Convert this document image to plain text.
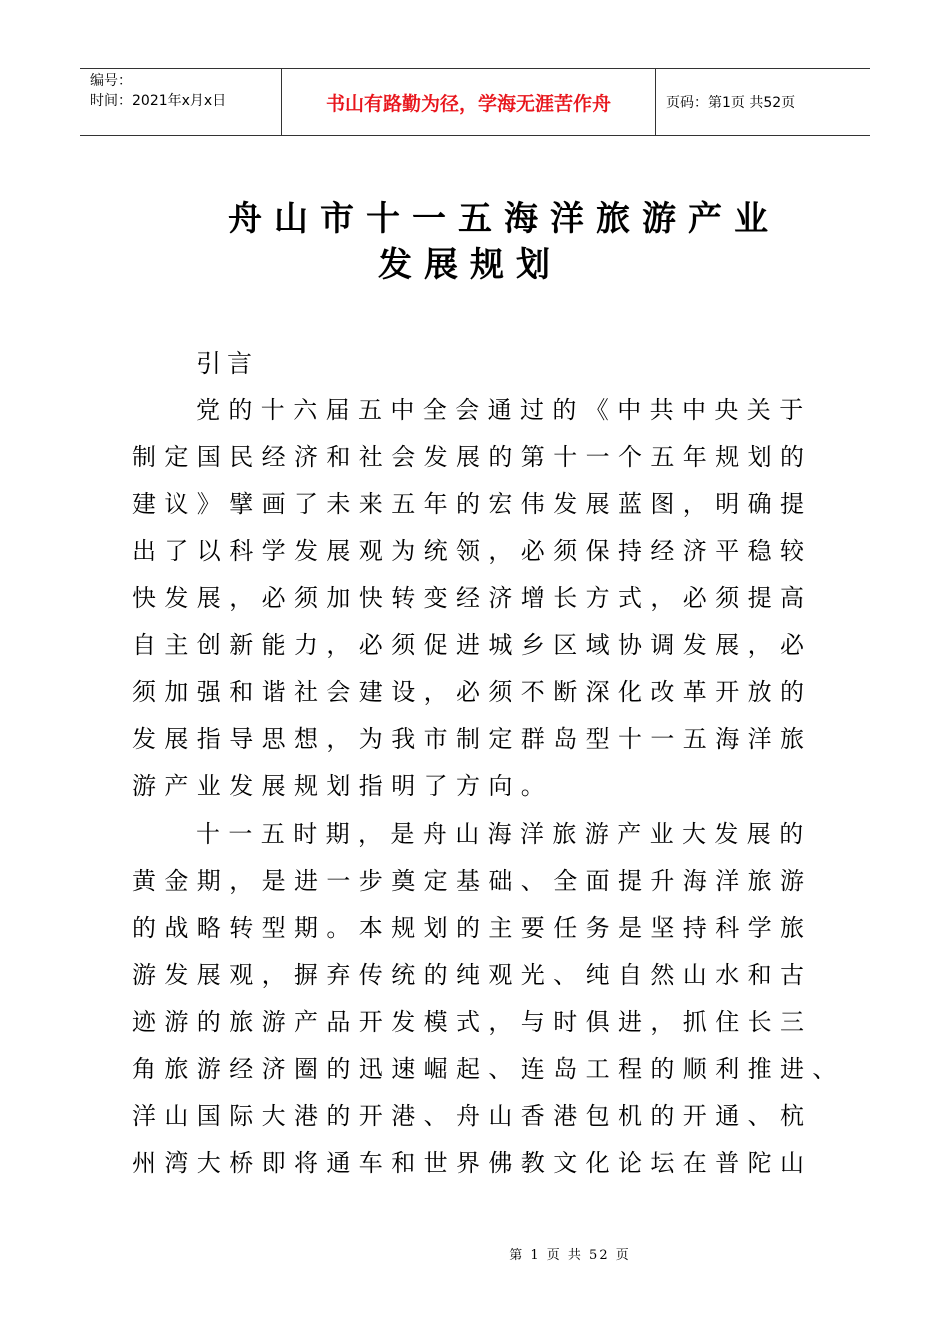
编号：
时间：2021年x月x日	书山有路勤为径，学海无涯苦作舟	页码：第1页 共52页
舟山市十一五海洋旅游产业
发展规划
引言
党的十六届五中全会通过的《中共中央关于
制定国民经济和社会发展的第十一个五年规划的
建议》擘画了未来五年的宏伟发展蓝图，明确提
出了以科学发展观为统领，必须保持经济平稳较
快发展，必须加快转变经济增长方式，必须提高
自主创新能力，必须促进城乡区域协调发展，必
须加强和谐社会建设，必须不断深化改革开放的
发展指导思想，为我市制定群岛型十一五海洋旅
游产业发展规划指明了方向。
十一五时期，是舟山海洋旅游产业大发展的
黄金期，是进一步奠定基础、全面提升海洋旅游
的战略转型期。本规划的主要任务是坚持科学旅
游发展观，摒弃传统的纯观光、纯自然山水和古
迹游的旅游产品开发模式，与时俱进，抓住长三
角旅游经济圈的迅速崛起、连岛工程的顺利推进、
洋山国际大港的开港、舟山香港包机的开通、杭
州湾大桥即将通车和世界佛教文化论坛在普陀山
第 1 页 共 52 页
